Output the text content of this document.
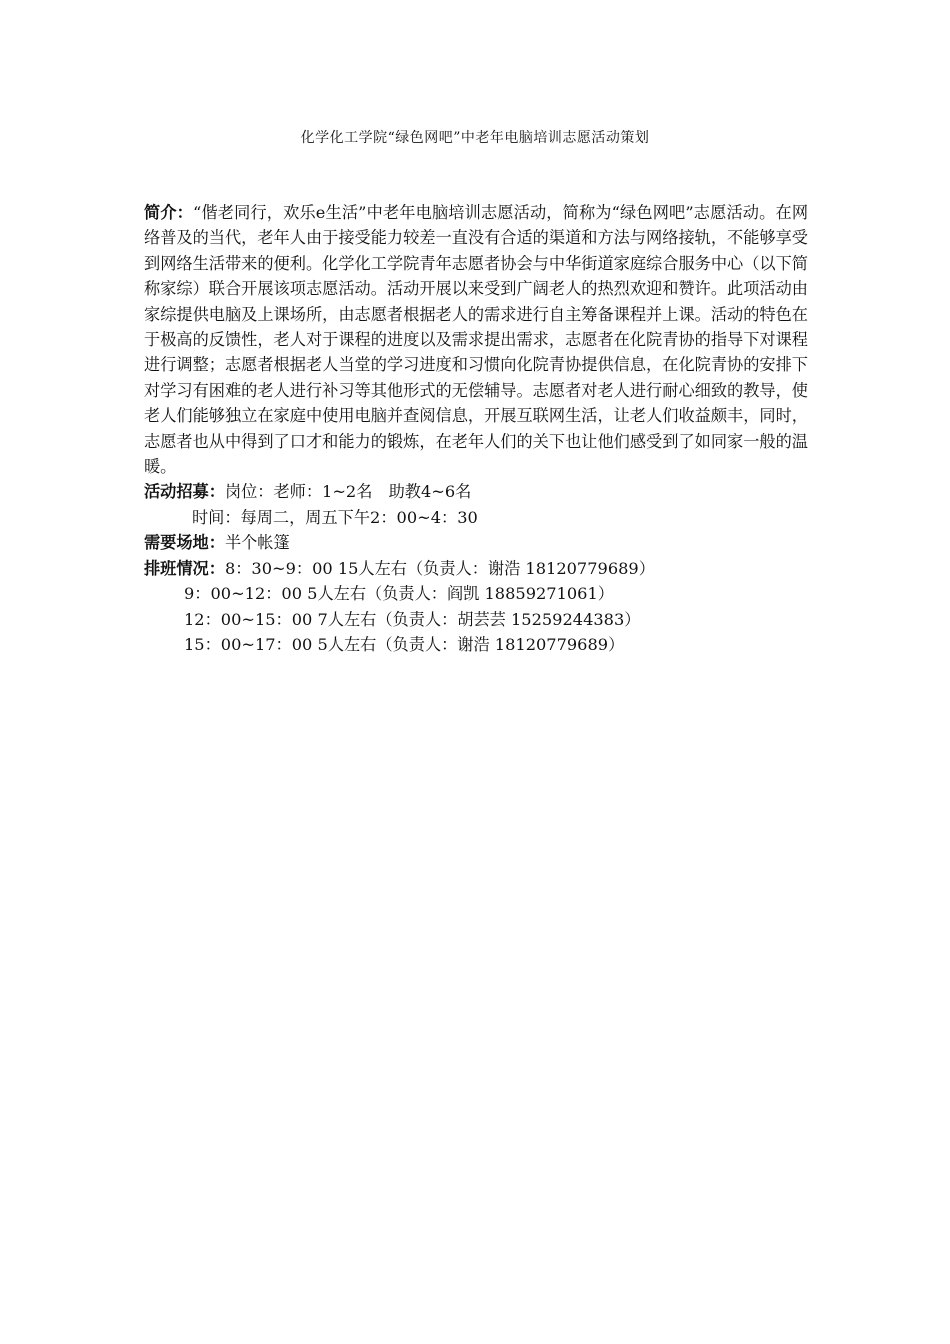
化学化工学院“绿色网吧”中老年电脑培训志愿活动策划

简介：“偕老同行，欢乐e生活”中老年电脑培训志愿活动，简称为“绿色网吧”志愿活动。在网络普及的当代，老年人由于接受能力较差一直没有合适的渠道和方法与网络接轨，不能够享受到网络生活带来的便利。化学化工学院青年志愿者协会与中华街道家庭综合服务中心（以下简称家综）联合开展该项志愿活动。活动开展以来受到广阔老人的热烈欢迎和赞许。此项活动由家综提供电脑及上课场所，由志愿者根据老人的需求进行自主筹备课程并上课。活动的特色在于极高的反馈性，老人对于课程的进度以及需求提出需求，志愿者在化院青协的指导下对课程进行调整；志愿者根据老人当堂的学习进度和习惯向化院青协提供信息，在化院青协的安排下对学习有困难的老人进行补习等其他形式的无偿辅导。志愿者对老人进行耐心细致的教导，使老人们能够独立在家庭中使用电脑并查阅信息，开展互联网生活，让老人们收益颇丰，同时，志愿者也从中得到了口才和能力的锻炼，在老年人们的关下也让他们感受到了如同家一般的温暖。

活动招募：岗位：老师：1~2名　助教4~6名

时间：每周二，周五下午2：00~4：30

需要场地：半个帐篷

排班情况：8：30~9：00 15人左右（负责人：谢浩 18120779689）

9：00~12：00 5人左右（负责人：阎凯 18859271061）

12：00~15：00 7人左右（负责人：胡芸芸 15259244383）

15：00~17：00 5人左右（负责人：谢浩 18120779689）
